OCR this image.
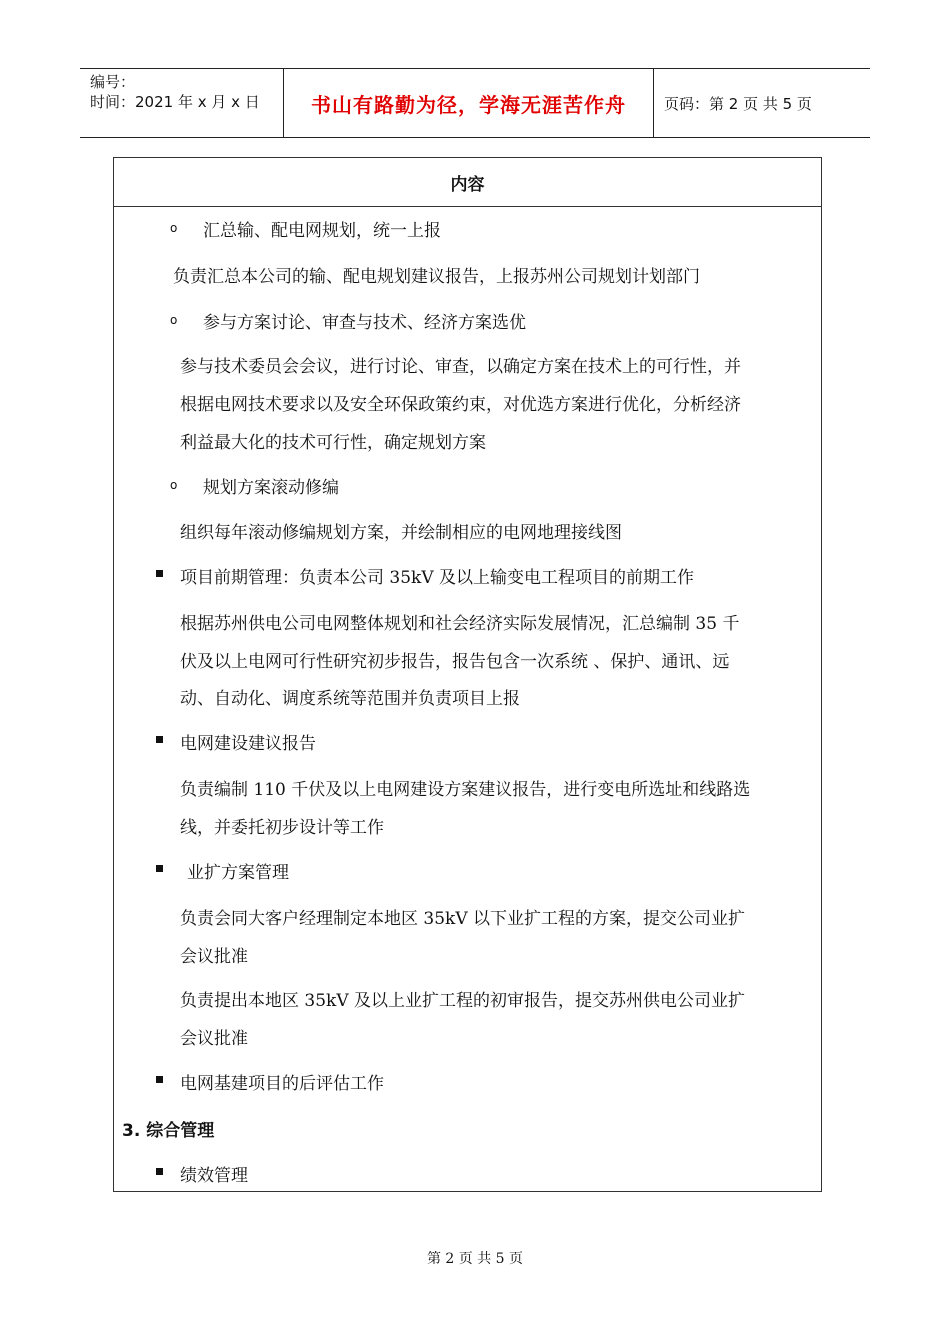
编号：
时间：2021 年 x 月 x 日	书山有路勤为径，学海无涯苦作舟	页码：第 2 页 共 5 页
内容
o 汇总输、配电网规划，统一上报
负责汇总本公司的输、配电规划建议报告，上报苏州公司规划计划部门
o 参与方案讨论、审查与技术、经济方案选优
参与技术委员会会议，进行讨论、审查，以确定方案在技术上的可行性，并
根据电网技术要求以及安全环保政策约束，对优选方案进行优化，分析经济
利益最大化的技术可行性，确定规划方案
o 规划方案滚动修编
组织每年滚动修编规划方案，并绘制相应的电网地理接线图
项目前期管理：负责本公司 35kV 及以上输变电工程项目的前期工作
根据苏州供电公司电网整体规划和社会经济实际发展情况，汇总编制 35 千
伏及以上电网可行性研究初步报告，报告包含一次系统 、保护、通讯、远
动、自动化、调度系统等范围并负责项目上报
电网建设建议报告
负责编制 110 千伏及以上电网建设方案建议报告，进行变电所选址和线路选
线，并委托初步设计等工作
业扩方案管理
负责会同大客户经理制定本地区 35kV 以下业扩工程的方案，提交公司业扩
会议批准
负责提出本地区 35kV 及以上业扩工程的初审报告，提交苏州供电公司业扩
会议批准
电网基建项目的后评估工作
3. 综合管理
绩效管理
第 2 页 共 5 页
